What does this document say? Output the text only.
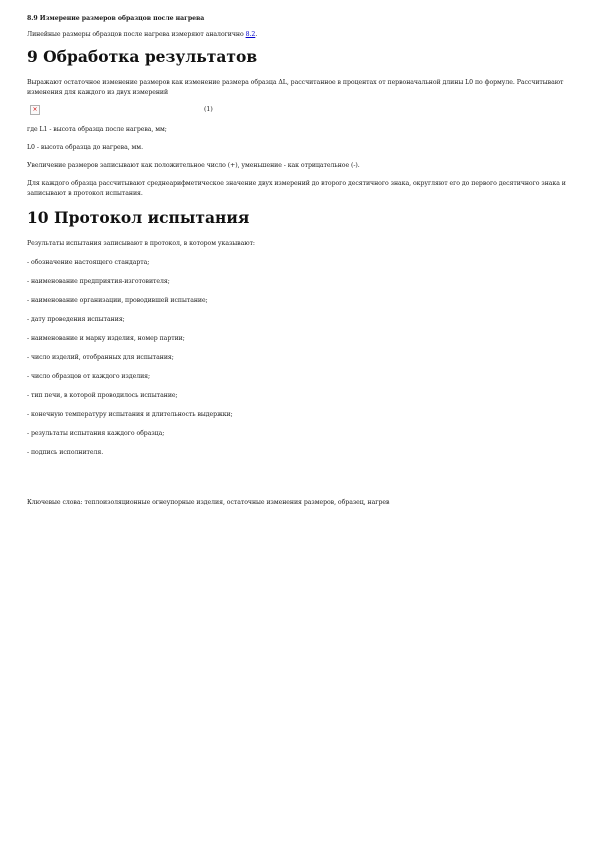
8.9 Измерение размеров образцов после нагрева

Линейные размеры образцов после нагрева измеряют аналогично 8.2.

9 Обработка результатов

Выражают остаточное изменение размеров как изменение размера образца ΔL, рассчитанное в процентах от первоначальной длины L0 по формуле. Рассчитывают изменения для каждого из двух измерений

×	(1)

где L1 - высота образца после нагрева, мм;

L0 - высота образца до нагрева, мм.

Увеличение размеров записывают как положительное число (+), уменьшение - как отрицательное (-).

Для каждого образца рассчитывают среднеарифметическое значение двух измерений до второго десятичного знака, округляют его до первого десятичного знака и записывают в протокол испытания.

10 Протокол испытания

Результаты испытания записывают в протокол, в котором указывают:

- обозначение настоящего стандарта;

- наименование предприятия-изготовителя;

- наименование организации, проводившей испытание;

- дату проведения испытания;

- наименование и марку изделия, номер партии;

- число изделий, отобранных для испытания;

- число образцов от каждого изделия;

- тип печи, в которой проводилось испытание;

- конечную температуру испытания и длительность выдержки;

- результаты испытания каждого образца;

- подпись исполнителя.

Ключевые слова: теплоизоляционные огнеупорные изделия, остаточные изменения размеров, образец, нагрев
